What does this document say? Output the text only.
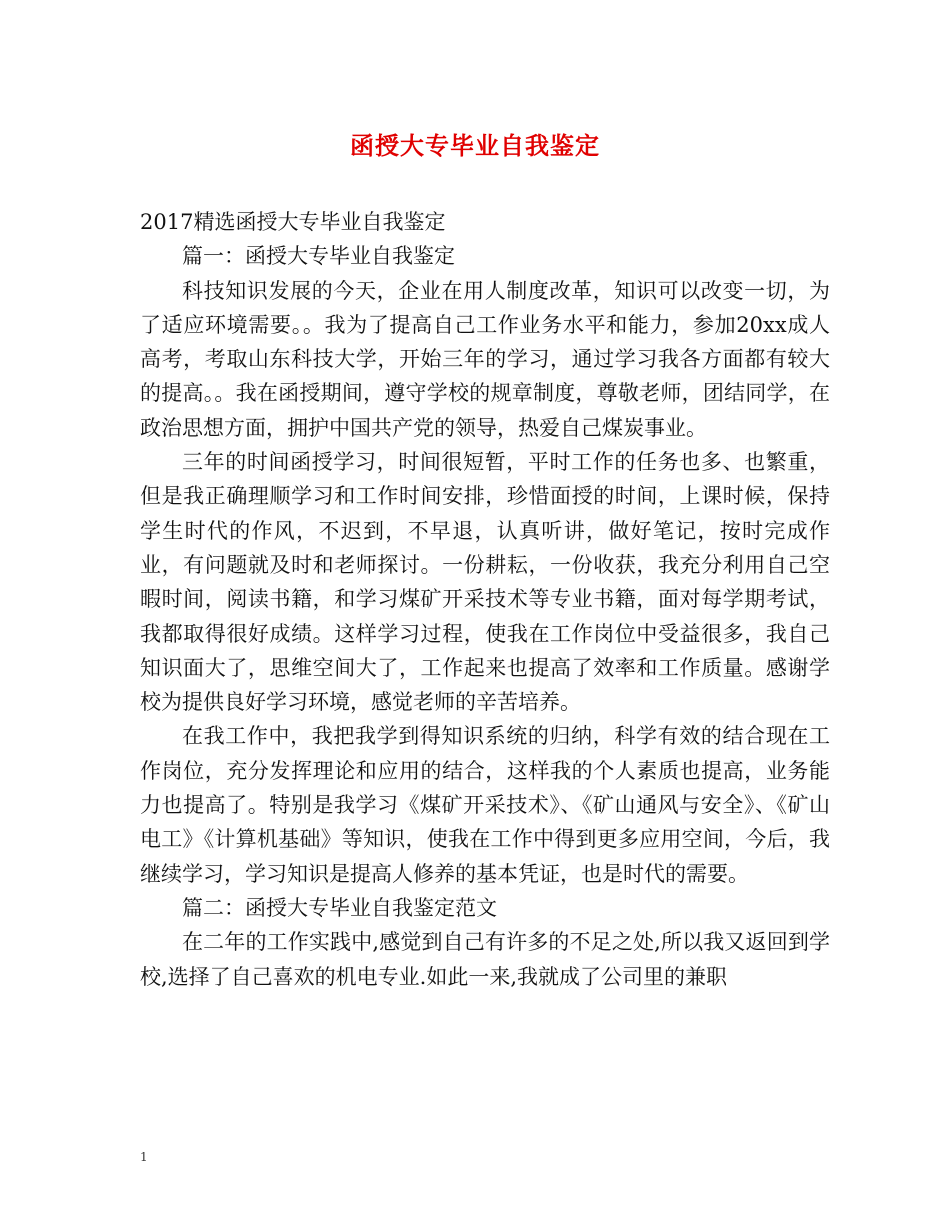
函授大专毕业自我鉴定

2017精选函授大专毕业自我鉴定

篇一：函授大专毕业自我鉴定

科技知识发展的今天，企业在用人制度改革，知识可以改变一切，为了适应环境需要。。我为了提高自己工作业务水平和能力，参加20xx成人高考，考取山东科技大学，开始三年的学习，通过学习我各方面都有较大的提高。。我在函授期间，遵守学校的规章制度，尊敬老师，团结同学，在政治思想方面，拥护中国共产党的领导，热爱自己煤炭事业。

三年的时间函授学习，时间很短暂，平时工作的任务也多、也繁重，但是我正确理顺学习和工作时间安排，珍惜面授的时间，上课时候，保持学生时代的作风，不迟到，不早退，认真听讲，做好笔记，按时完成作业，有问题就及时和老师探讨。一份耕耘，一份收获，我充分利用自己空暇时间，阅读书籍，和学习煤矿开采技术等专业书籍，面对每学期考试，我都取得很好成绩。这样学习过程，使我在工作岗位中受益很多，我自己知识面大了，思维空间大了，工作起来也提高了效率和工作质量。感谢学校为提供良好学习环境，感觉老师的辛苦培养。

在我工作中，我把我学到得知识系统的归纳，科学有效的结合现在工作岗位，充分发挥理论和应用的结合，这样我的个人素质也提高，业务能力也提高了。特别是我学习《煤矿开采技术》、《矿山通风与安全》、《矿山电工》《计算机基础》等知识，使我在工作中得到更多应用空间，今后，我继续学习，学习知识是提高人修养的基本凭证，也是时代的需要。

篇二：函授大专毕业自我鉴定范文

在二年的工作实践中,感觉到自己有许多的不足之处,所以我又返回到学校,选择了自己喜欢的机电专业.如此一来,我就成了公司里的兼职

1
